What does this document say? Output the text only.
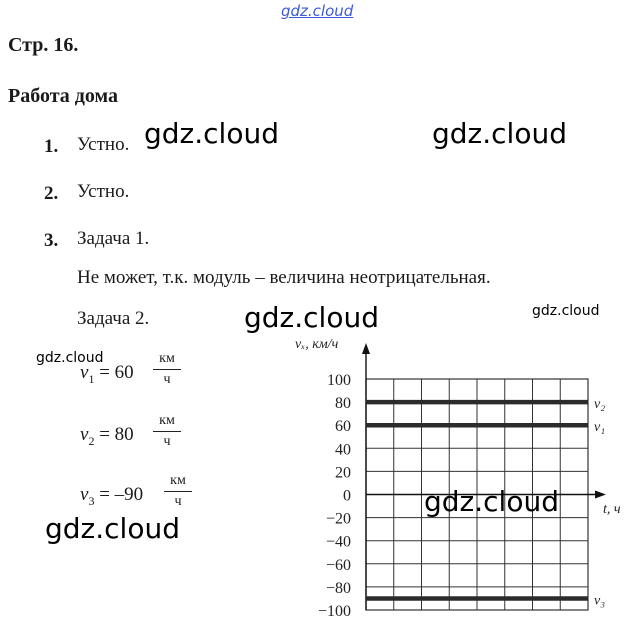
gdz.cloud
Стр. 16.
Работа дома
1. Устно.
2. Устно.
3. Задача 1.
Не может, т.к. модуль – величина неотрицательная.
Задача 2.
$v_1 = 60$
км
ч
$v_2 = 80$
км
ч
$v_3 = -90$
км
ч
100
80
60
40
20
0
−20
−40
−60
−80
−100
vₓ, км/ч
t, ч
v₂
v₁
v₃
gdz.cloud	gdz.cloud
gdz.cloud
gdz.cloud
gdz.cloud
gdz.cloud
gdz.cloud
